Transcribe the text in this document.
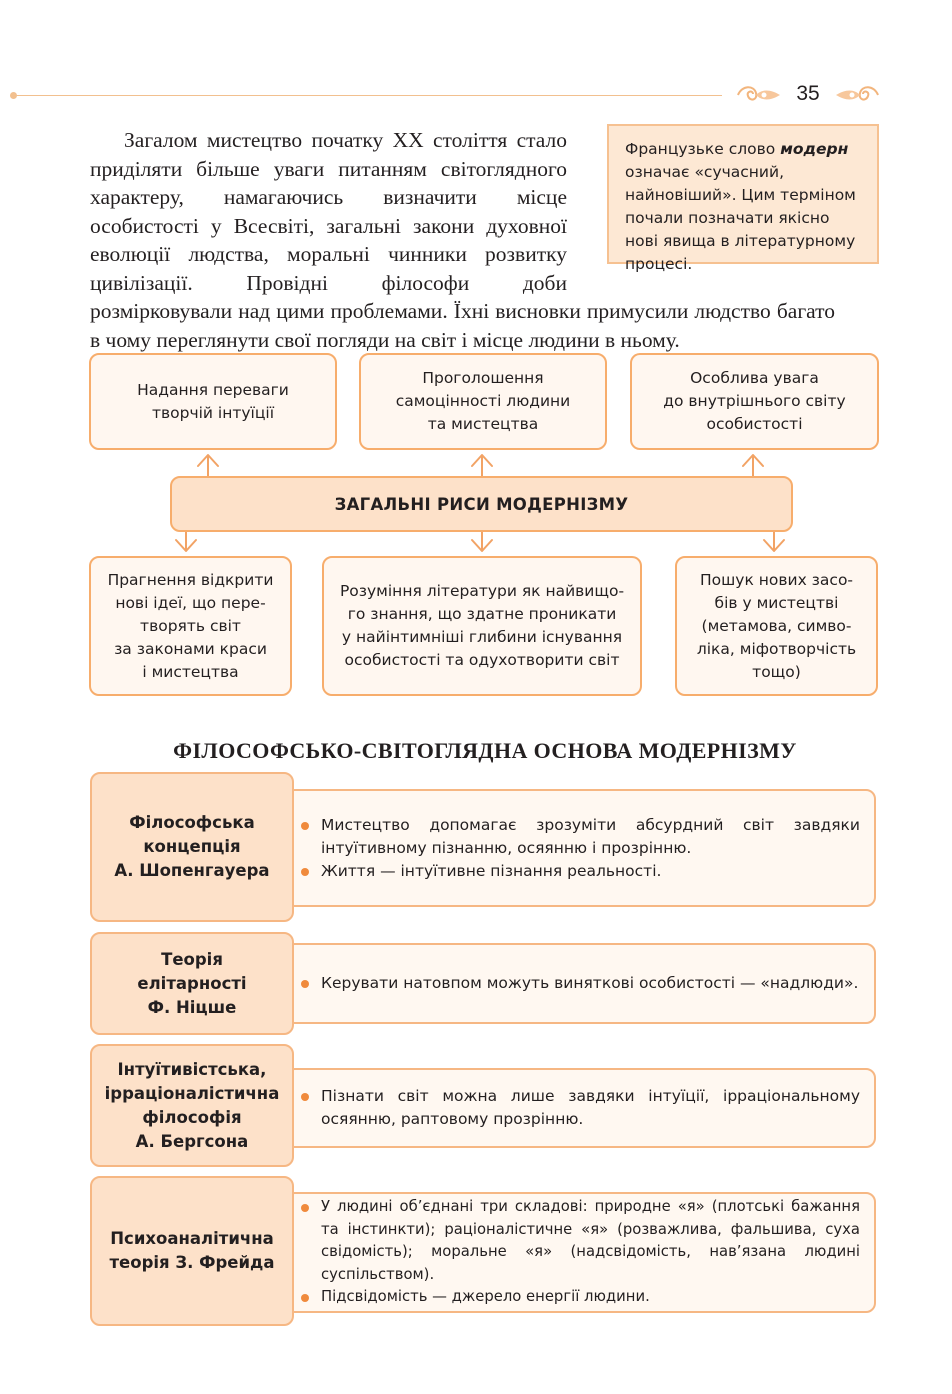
35
Загалом мистецтво початку XX століття стало приділяти більше уваги питанням світоглядного характеру, намагаючись визначити місце особистості у Всесвіті, загальні закони духовної еволюції людства, моральні чинники розвитку цивілізації. Провідні філософи доби розмірковували над цими проблемами. Їхні висновки примусили людство багато в чому переглянути свої погляди на світ і місце людини в ньому.
Французьке слово модерн означає «сучасний, найновіший». Цим терміном почали позначати якісно нові явища в літературному процесі.
Надання переваги
творчій інтуїції
Проголошення
самоцінності людини
та мистецтва
Особлива увага
до внутрішнього світу
особистості
ЗАГАЛЬНІ РИСИ МОДЕРНІЗМУ
Прагнення відкрити
нові ідеї, що пере-
творять світ
за законами краси
і мистецтва
Розуміння літератури як найвищо-
го знання, що здатне проникати
у найінтимніші глибини існування
особистості та одухотворити світ
Пошук нових засо-
бів у мистецтві
(метамова, симво-
ліка, міфотворчість
тощо)
ФІЛОСОФСЬКО-СВІТОГЛЯДНА ОСНОВА МОДЕРНІЗМУ
Мистецтво допомагає зрозуміти абсурдний світ завдяки інтуїтивному пізнанню, осяянню і прозрінню.
Життя — інтуїтивне пізнання реальності.
Філософська
концепція
А. Шопенгауера
Керувати натовпом можуть виняткові особистості — «надлюди».
Теорія
елітарності
Ф. Ніцше
Пізнати світ можна лише завдяки інтуїції, ірраціональному осяянню, раптовому прозрінню.
Інтуїтивістська,
ірраціоналістична
філософія
А. Бергсона
У людині об’єднані три складові: природне «я» (плотські бажання та інстинкти); раціоналістичне «я» (розважлива, фальшива, суха свідомість); моральне «я» (надсвідомість, нав’язана людині суспільством).
Підсвідомість — джерело енергії людини.
Психоаналітична
теорія З. Фрейда
